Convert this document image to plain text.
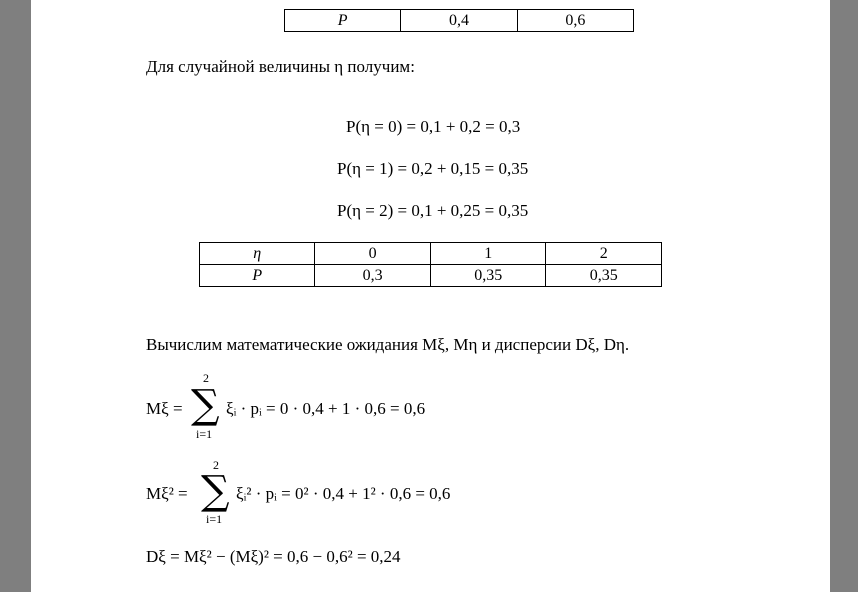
P	0,4	0,6
Для случайной величины η получим:
P(η = 0) = 0,1 + 0,2 = 0,3
P(η = 1) = 0,2 + 0,15 = 0,35
P(η = 2) = 0,1 + 0,25 = 0,35
η	0	1	2
P	0,3	0,35	0,35
Вычислим математические ожидания Mξ, Mη и дисперсии Dξ, Dη.
Mξ =
2
∑
i=1
ξᵢ · pᵢ = 0 · 0,4 + 1 · 0,6 = 0,6
Mξ² =
2
∑
i=1
ξᵢ² · pᵢ = 0² · 0,4 + 1² · 0,6 = 0,6
Dξ = Mξ² − (Mξ)² = 0,6 − 0,6² = 0,24
